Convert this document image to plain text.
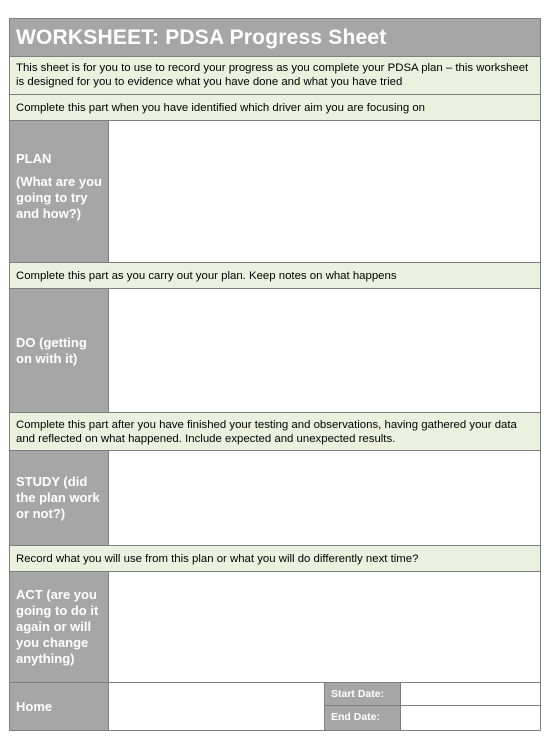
WORKSHEET: PDSA Progress Sheet
This sheet is for you to use to record your progress as you complete your PDSA plan – this worksheet is designed for you to evidence what you have done and what you have tried
Complete this part when you have identified which driver aim you are focusing on
PLAN
(What are you going to try and how?)
Complete this part as you carry out your plan. Keep notes on what happens
DO (getting on with it)
Complete this part after you have finished your testing and observations, having gathered your data and reflected on what happened. Include expected and unexpected results.
STUDY (did the plan work or not?)
Record what you will use from this plan or what you will do differently next time?
ACT (are you going to do it again or will you change anything)
Home
Start Date:
End Date:
